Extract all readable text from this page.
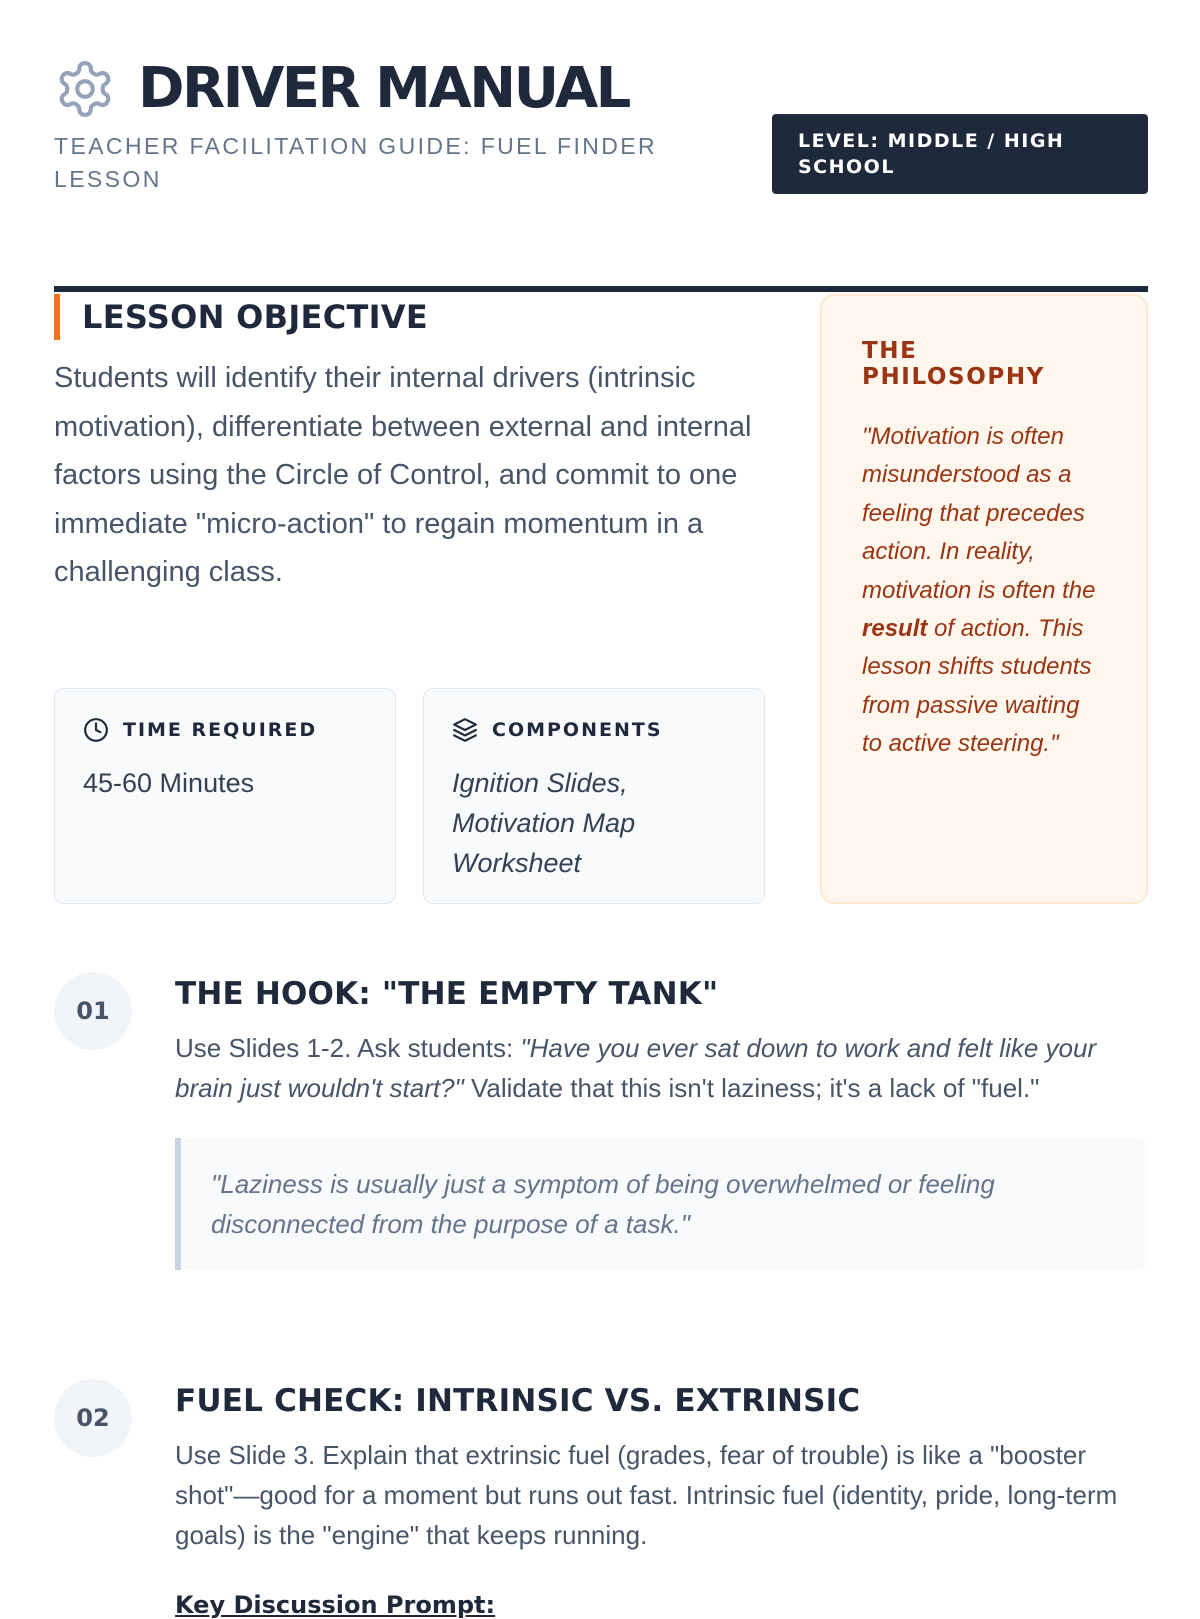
DRIVER MANUAL
TEACHER FACILITATION GUIDE: FUEL FINDER LESSON
LEVEL: MIDDLE / HIGH SCHOOL
LESSON OBJECTIVE
Students will identify their internal drivers (intrinsic motivation), differentiate between external and internal factors using the Circle of Control, and commit to one immediate "micro-action" to regain momentum in a challenging class.
TIME REQUIRED
45-60 Minutes
COMPONENTS
Ignition Slides, Motivation Map Worksheet
THE PHILOSOPHY
"Motivation is often misunderstood as a feeling that precedes action. In reality, motivation is often the result of action. This lesson shifts students from passive waiting to active steering."
01	THE HOOK: "THE EMPTY TANK"
Use Slides 1-2. Ask students: "Have you ever sat down to work and felt like your brain just wouldn't start?" Validate that this isn't laziness; it's a lack of "fuel."
"Laziness is usually just a symptom of being overwhelmed or feeling disconnected from the purpose of a task."
02	FUEL CHECK: INTRINSIC VS. EXTRINSIC
Use Slide 3. Explain that extrinsic fuel (grades, fear of trouble) is like a "booster shot"—good for a moment but runs out fast. Intrinsic fuel (identity, pride, long-term goals) is the "engine" that keeps running.
Key Discussion Prompt:
